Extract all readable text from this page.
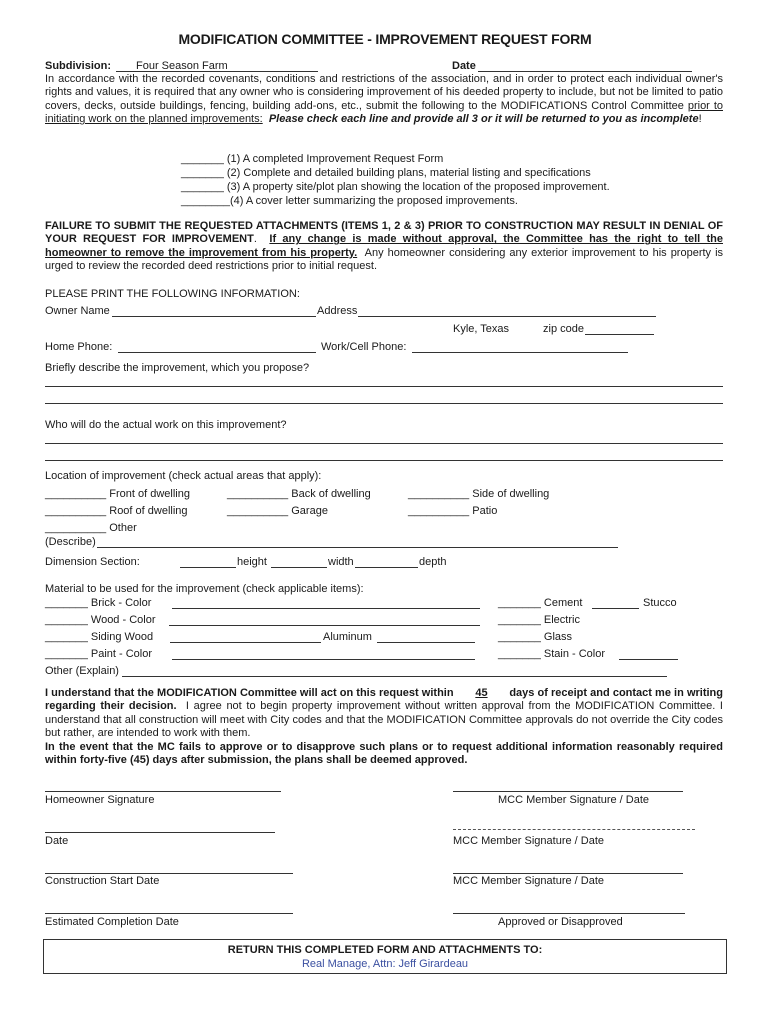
MODIFICATION COMMITTEE - IMPROVEMENT REQUEST FORM
Subdivision: Four Season Farm	Date
In accordance with the recorded covenants, conditions and restrictions of the association, and in order to protect each individual owner's rights and values, it is required that any owner who is considering improvement of his deeded property to include, but not be limited to patio covers, decks, outside buildings, fencing, building add-ons, etc., submit the following to the MODIFICATIONS Control Committee prior to initiating work on the planned improvements: Please check each line and provide all 3 or it will be returned to you as incomplete!
_______ (1) A completed Improvement Request Form
_______ (2) Complete and detailed building plans, material listing and specifications
_______ (3) A property site/plot plan showing the location of the proposed improvement.
________(4) A cover letter summarizing the proposed improvements.
FAILURE TO SUBMIT THE REQUESTED ATTACHMENTS (ITEMS 1, 2 & 3) PRIOR TO CONSTRUCTION MAY RESULT IN DENIAL OF YOUR REQUEST FOR IMPROVEMENT. If any change is made without approval, the Committee has the right to tell the homeowner to remove the improvement from his property. Any homeowner considering any exterior improvement to his property is urged to review the recorded deed restrictions prior to initial request.
PLEASE PRINT THE FOLLOWING INFORMATION:
Owner Name	Address
Kyle, Texas	zip code
Home Phone:	Work/Cell Phone:
Briefly describe the improvement, which you propose?
Who will do the actual work on this improvement?
Location of improvement (check actual areas that apply):
__________ Front of dwelling	__________ Back of dwelling	__________ Side of dwelling
__________ Roof of dwelling	__________ Garage	__________ Patio
__________ Other
(Describe)
Dimension Section:	height	width	depth
Material to be used for the improvement (check applicable items):
_______ Brick - Color	_______ Cement	Stucco
_______ Wood - Color	_______ Electric
_______ Siding Wood	Aluminum	_______ Glass
_______ Paint - Color	_______ Stain - Color
Other (Explain)
I understand that the MODIFICATION Committee will act on this request within 45 days of receipt and contact me in writing regarding their decision. I agree not to begin property improvement without written approval from the MODIFICATION Committee. I understand that all construction will meet with City codes and that the MODIFICATION Committee approvals do not override the City codes but rather, are intended to work with them.
In the event that the MC fails to approve or to disapprove such plans or to request additional information reasonably required within forty-five (45) days after submission, the plans shall be deemed approved.
Homeowner Signature	MCC Member Signature / Date
Date	MCC Member Signature / Date
Construction Start Date	MCC Member Signature / Date
Estimated Completion Date	Approved or Disapproved
RETURN THIS COMPLETED FORM AND ATTACHMENTS TO:
Real Manage, Attn: Jeff Girardeau
